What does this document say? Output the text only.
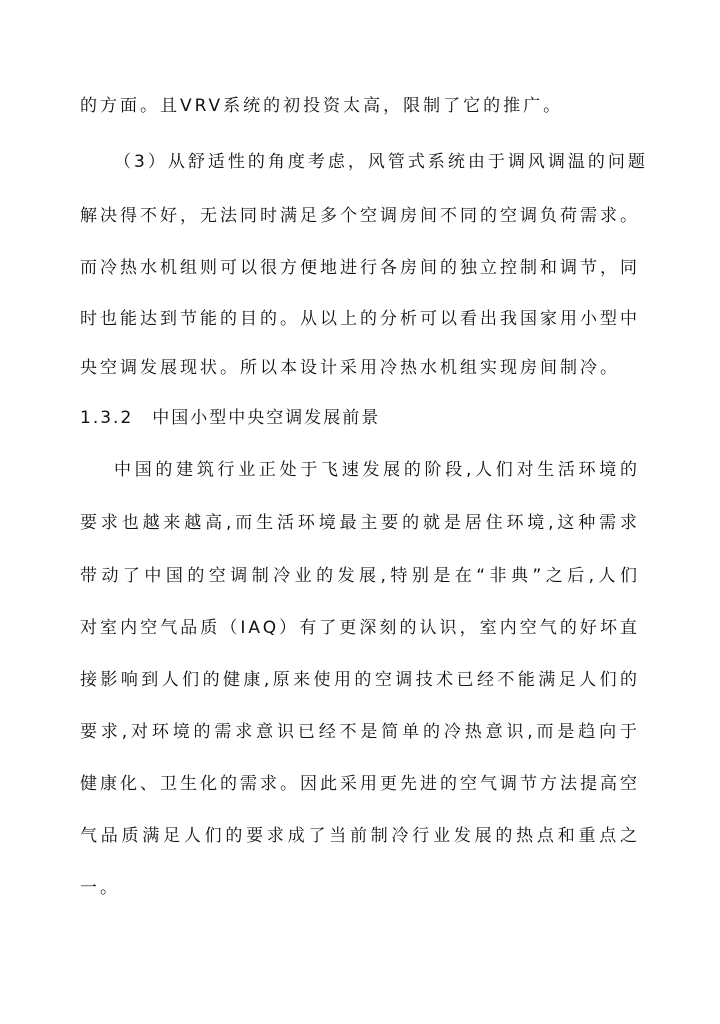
的方面。且VRV系统的初投资太高，限制了它的推广。
（3）从舒适性的角度考虑，风管式系统由于调风调温的问题
解决得不好，无法同时满足多个空调房间不同的空调负荷需求。
而冷热水机组则可以很方便地进行各房间的独立控制和调节，同
时也能达到节能的目的。从以上的分析可以看出我国家用小型中
央空调发展现状。所以本设计采用冷热水机组实现房间制冷。
1.3.2　中国小型中央空调发展前景
中国的建筑行业正处于飞速发展的阶段,人们对生活环境的
要求也越来越高,而生活环境最主要的就是居住环境,这种需求
带动了中国的空调制冷业的发展,特别是在“非典”之后,人们
对室内空气品质（IAQ）有了更深刻的认识，室内空气的好坏直
接影响到人们的健康,原来使用的空调技术已经不能满足人们的
要求,对环境的需求意识已经不是简单的冷热意识,而是趋向于
健康化、卫生化的需求。因此采用更先进的空气调节方法提高空
气品质满足人们的要求成了当前制冷行业发展的热点和重点之
一。
